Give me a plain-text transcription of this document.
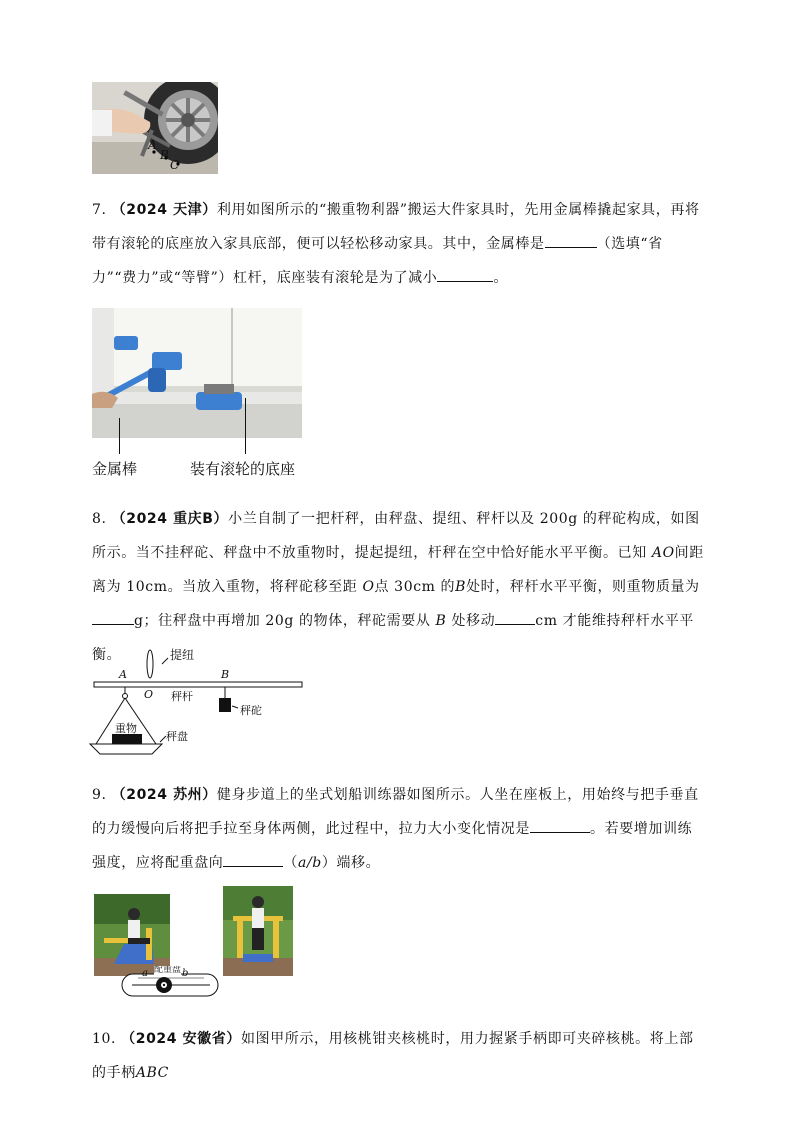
A
B
C
7. （2024 天津）利用如图所示的“搬重物利器”搬运大件家具时，先用金属棒撬起家具，再将带有滚轮的底座放入家具底部，便可以轻松移动家具。其中，金属棒是	（选填“省力”“费力”或“等臂”）杠杆，底座装有滚轮是为了减小	。
金属棒	装有滚轮的底座
8. （2024 重庆B）小兰自制了一把杆秤，由秤盘、提纽、秤杆以及 200g 的秤砣构成，如图所示。当不挂秤砣、秤盘中不放重物时，提起提纽，杆秤在空中恰好能水平平衡。已知 AO间距离为 10cm。当放入重物，将秤砣移至距 O点 30cm 的B处时，秤杆水平平衡，则重物质量为g；往秤盘中再增加 20g 的物体，秤砣需要从 B 处移动	cm 才能维持秤杆水平平衡。	提纽
A
O
B
秤杆
秤砣
重物
秤盘
9. （2024 苏州）健身步道上的坐式划船训练器如图所示。人坐在座板上，用始终与把手垂直的力缓慢向后将把手拉至身体两侧，此过程中，拉力大小变化情况是	。若要增加训练强度，应将配重盘向	（a/b）端移。
配重盘
a	b
10. （2024 安徽省）如图甲所示，用核桃钳夹核桃时，用力握紧手柄即可夹碎核桃。将上部的手柄ABC
